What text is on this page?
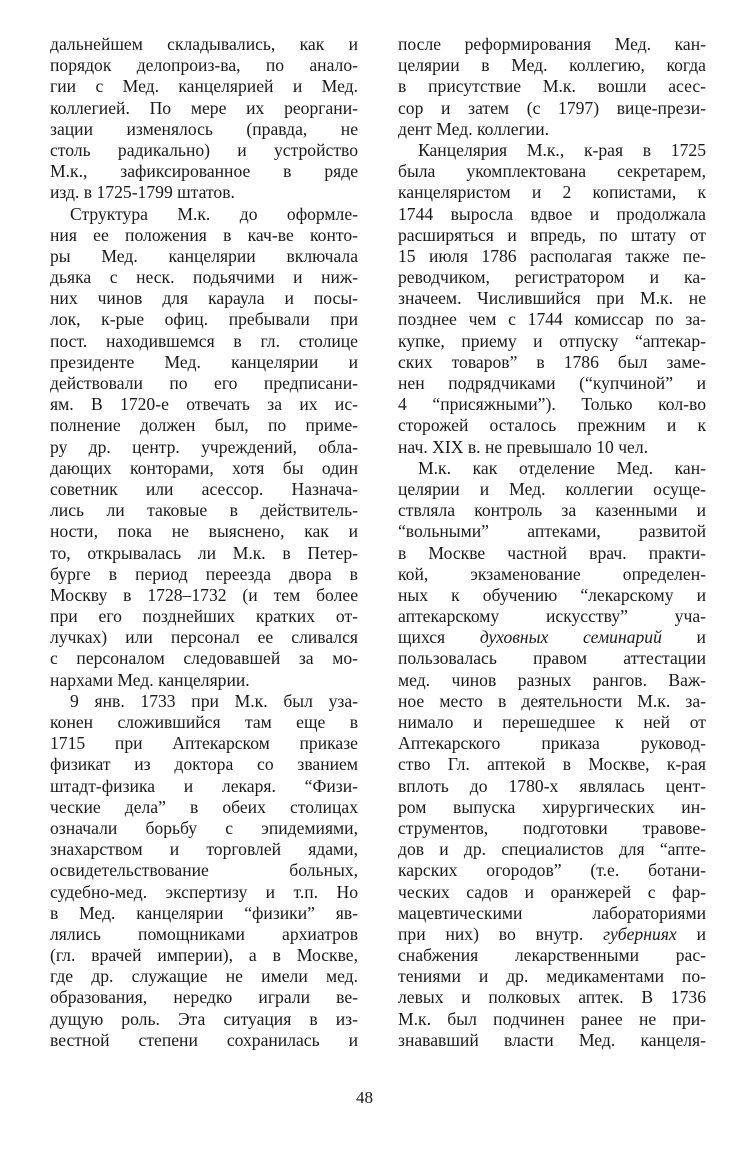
дальнейшем складывались, как и
порядок делопроиз-ва, по анало-
гии с Мед. канцелярией и Мед.
коллегией. По мере их реоргани-
зации изменялось (правда, не
столь радикально) и устройство
М.к., зафиксированное в ряде
изд. в 1725-1799 штатов.
Структура М.к. до оформле-
ния ее положения в кач-ве конто-
ры Мед. канцелярии включала
дьяка с неск. подьячими и ниж-
них чинов для караула и посы-
лок, к-рые офиц. пребывали при
пост. находившемся в гл. столице
президенте Мед. канцелярии и
действовали по его предписани-
ям. В 1720-е отвечать за их ис-
полнение должен был, по приме-
ру др. центр. учреждений, обла-
дающих конторами, хотя бы один
советник или асессор. Назнача-
лись ли таковые в действитель-
ности, пока не выяснено, как и
то, открывалась ли М.к. в Петер-
бурге в период переезда двора в
Москву в 1728–1732 (и тем более
при его позднейших кратких от-
лучках) или персонал ее сливался
с персоналом следовавшей за мо-
нархами Мед. канцелярии.
9 янв. 1733 при М.к. был уза-
конен сложившийся там еще в
1715 при Аптекарском приказе
физикат из доктора со званием
штадт-физика и лекаря. “Физи-
ческие дела” в обеих столицах
означали борьбу с эпидемиями,
знахарством и торговлей ядами,
освидетельствование больных,
судебно-мед. экспертизу и т.п. Но
в Мед. канцелярии “физики” яв-
лялись помощниками архиатров
(гл. врачей империи), а в Москве,
где др. служащие не имели мед.
образования, нередко играли ве-
дущую роль. Эта ситуация в из-
вестной степени сохранилась и
после реформирования Мед. кан-
целярии в Мед. коллегию, когда
в присутствие М.к. вошли асес-
сор и затем (с 1797) вице-прези-
дент Мед. коллегии.
Канцелярия М.к., к-рая в 1725
была укомплектована секретарем,
канцеляристом и 2 копистами, к
1744 выросла вдвое и продолжала
расширяться и впредь, по штату от
15 июля 1786 располагая также пе-
реводчиком, регистратором и ка-
значеем. Числившийся при М.к. не
позднее чем с 1744 комиссар по за-
купке, приему и отпуску “аптекар-
ских товаров” в 1786 был заме-
нен подрядчиками (“купчиной” и
4 “присяжными”). Только кол-во
сторожей осталось прежним и к
нач. XIX в. не превышало 10 чел.
М.к. как отделение Мед. кан-
целярии и Мед. коллегии осуще-
ствляла контроль за казенными и
“вольными” аптеками, развитой
в Москве частной врач. практи-
кой, экзаменование определен-
ных к обучению “лекарскому и
аптекарскому искусству” уча-
щихся духовных семинарий и
пользовалась правом аттестации
мед. чинов разных рангов. Важ-
ное место в деятельности М.к. за-
нимало и перешедшее к ней от
Аптекарского приказа руковод-
ство Гл. аптекой в Москве, к-рая
вплоть до 1780-х являлась цент-
ром выпуска хирургических ин-
струментов, подготовки травове-
дов и др. специалистов для “апте-
карских огородов” (т.е. ботани-
ческих садов и оранжерей с фар-
мацевтическими лабораториями
при них) во внутр. губерниях и
снабжения лекарственными рас-
тениями и др. медикаментами по-
левых и полковых аптек. В 1736
М.к. был подчинен ранее не при-
знававший власти Мед. канцеля-
48
